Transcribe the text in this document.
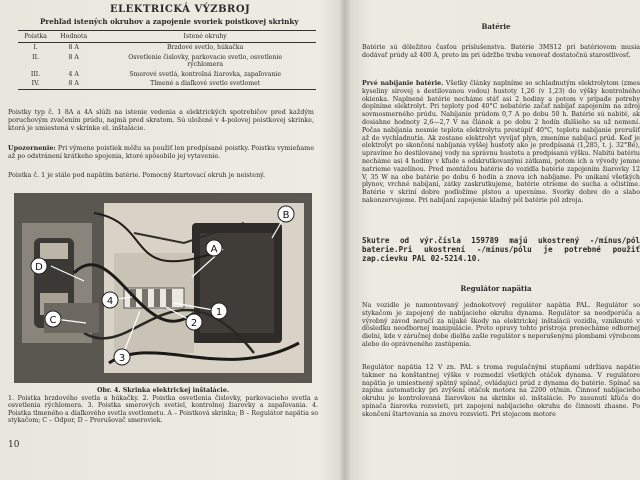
ELEKTRICKÁ VÝZBROJ
Prehľad istených okruhov a zapojenie svoriek poistkovej skrinky
Poistka	Hodnota	Istené okruhy
I.	8 A	Brzdové svetlo, húkačka
II.	8 A	Osvetlenie čislovky, parkovacie svetlo, osvetlenie
rýchlomera
III.	4 A	Smerové svetlá, kontrolná žiarovka, zapaľovanie
IV.	8 A	Tlmené a diaľkové svetlo svetlomet
Poistky typ č. 1 8A a 4A slúži na istenie vedenia a elektrických spotrebičov pred každým poruchovým zvačením prúdu, najmä pred skratom. Sú uložené v 4-polovej poistkovej skrinke, ktorá je umiestená v skrinke el. inštalácie.
Upozornenie: Pri výmene poistiek môžu sa použiť len predpísané poistky. Poistku vymieňame až po odstránení krátkeho spojenia, ktoré spôsobilo jej vytavenie.
Poistka č. 1 je stále pod napätím batérie. Pomocný štartovací okruh je neistený.
A
B
D
C
4
2
1
3
Obr. 4. Skrinka elektrickej inštalácie.
1. Poistka brzdového svetla a húkačky. 2. Poistka osvetlenia čislovky, parkovacieho svetla a osvetlenia rýchlomera. 3. Poistka smerových svetiel, kontrolnej žiarovky a zapaľovania. 4. Poistka tlmeného a diaľkového svetla svetlometu. A – Poistková skrinka; B – Regulátor napätia so stykačom; C – Odpor, D – Prerušovač smeroviek.
10
Batérie
Batérie sú dôležitou časťou príslušenstva. Batérie 3MS12 pri batériovom musia dodávať prúdy až 400 A, preto im pri údržbe treba venovať dostatočnú starostlivosť.
Prvé nabíjanie batérie. Všetky články naplníme so schladnutým elektrolytom (zmes kyseliny sírovej s destilovanou vodou) hustoty 1,26 (v 1,23) do výšky kontrolného okienka. Naplnené batérie necháme stáť asi 2 hodiny a potom v prípade potreby doplníme elektrolyt. Pri teploty pod 40°C nebatérie začať nabíjať zapojením na zdroj sovmosmerného prúdu. Nabíjanie prúdom 0,7 A po dobu 50 h. Batérie sú nabité, ak dosiahne hodnoty 2,6—2,7 V na článok a po dobu 2 hodín ďalšieho sa už nemení. Počas nabíjania nesmie teplota elektrolytu prestúpiť 40°C, teplotu nabíjanie prerušiť až do vychladnutia. Ak zostane elektrolyt vyvíjať plyn, zmeníme nabíjací prúd. Keď je elektrolyt po skončení nabíjania vyššej hustoty ako je predpísaná (1,285, t. j. 32°Bé), upravíme ho destilovanej vody na správnu hustotu a predpísanú výšku. Nabitú batériu necháme asi 4 hodiny v kľude s odskrutkovanými zátkami, potom ich a vývody jemne natrieme vazelínou. Pred montážou batérie do vozidla batérie zapojením žiarovky 12 V, 35 W na obe batérie po dobu 6 hodín a znova ich nabíjame. Po unikaní všetkých plynov, vrchné nabíjaní, zátky zaskrutkujeme, batérie otrieme do sucha a očistíme. Batérie v skriní dobre podložíme plstou a upevníme. Svorky dobre do a slabo nakonzervujeme. Pri nabíjaní zapojenie kladný pól batérie pól zdroja.
Skutre od výr.čísla 159789 majú ukostrený -/mínus/pól baterie.Pri ukostrení -/mínus/pólu je potrebné použiť zap.cievku PAL 02-5214.10.
Regulátor napätia
Na vozidle je namontovaný jednokotvový regulátor napätia PAL. Regulátor so stykačom je zapojený do nabíjacieho okruhu dynama. Regulátor sa neodporúča a výrobný závod neručí za nijaké škody na elektrickej inštalácii vozidla, vzniknuté v dôsledku neodbornej manipulácie. Preto opravy tohto prístroja prenecháme odbornej dielni, kde v záručnej dobe dielňa zašle regulátor s neporušenými plombami výrobcom alebo do oprávneného zastúpenia.
Regulátor napätia 12 V zn. PAL s troma regulačnými stupňami udržiava napätie takmer na konštantnej výške v rozmedzí všetkých otáčok dynama. V regulátore napätia je umiestnený spätný spínač, ovládajúci prúd z dynama do batérie. Spínač sa zapína automaticky pri zvýšení otáčok motora na 2200 ot/min. Činnosť nabíjacieho okruhu je kontrolovaná žiarovkou na skrinke el. inštalácie. Po zasunutí kľúča do spínača žiarovka rozsvieti, pri zapojení nabíjacieho okruhu do činnosti zhasne. Po skončení štartovania sa znovu rozsvieti. Pri stojacom motore
